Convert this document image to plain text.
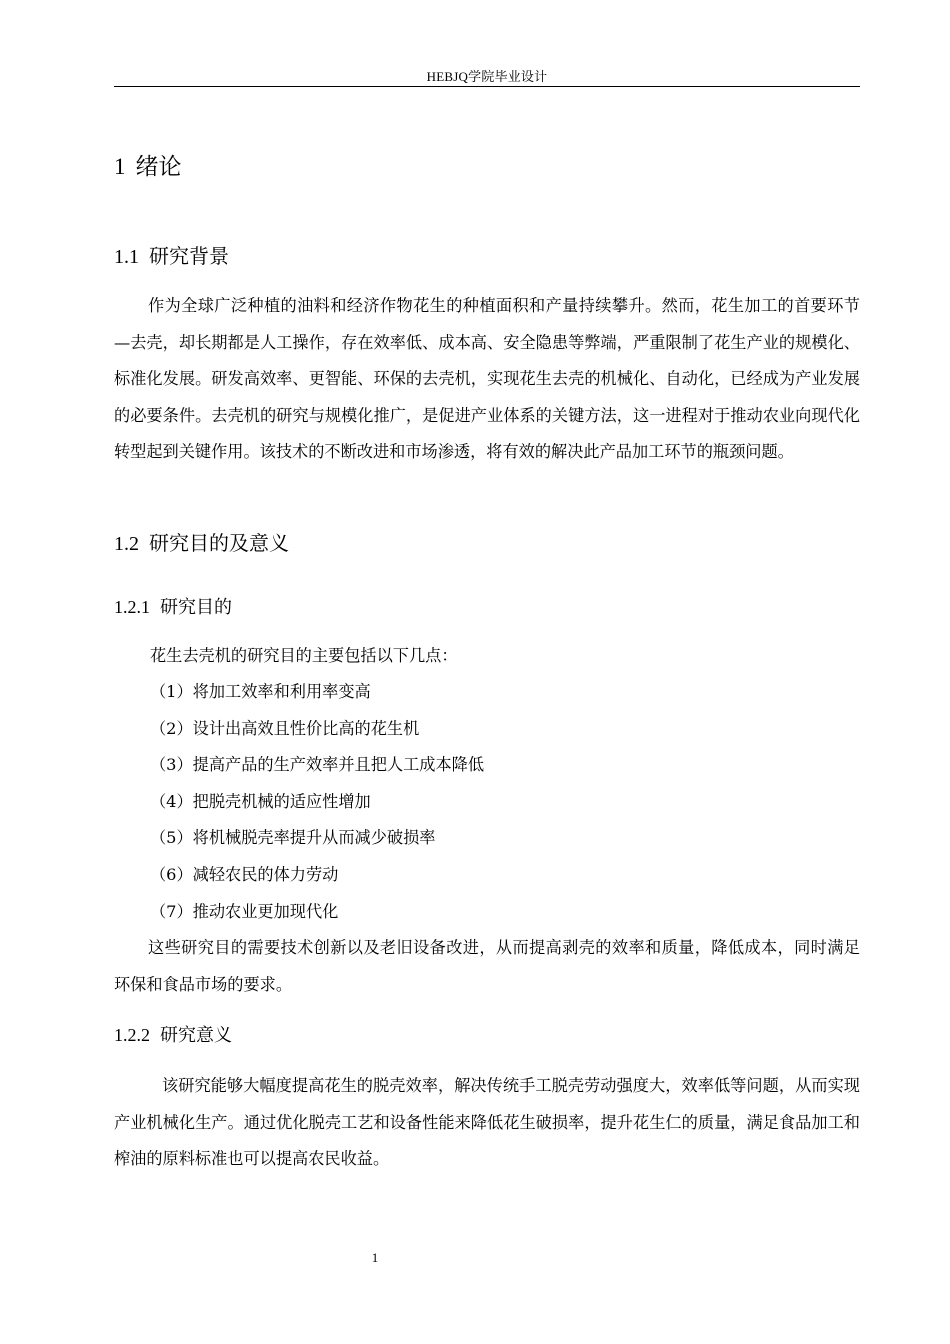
HEBJQ学院毕业设计
1 绪论
1.1 研究背景

作为全球广泛种植的油料和经济作物花生的种植面积和产量持续攀升。然而，花生加工的首要环节—去壳，却长期都是人工操作，存在效率低、成本高、安全隐患等弊端，严重限制了花生产业的规模化、标准化发展。研发高效率、更智能、环保的去壳机，实现花生去壳的机械化、自动化，已经成为产业发展的必要条件。去壳机的研究与规模化推广，是促进产业体系的关键方法，这一进程对于推动农业向现代化转型起到关键作用。该技术的不断改进和市场渗透，将有效的解决此产品加工环节的瓶颈问题。

1.2 研究目的及意义
1.2.1 研究目的

花生去壳机的研究目的主要包括以下几点：

（1）将加工效率和利用率变高
（2）设计出高效且性价比高的花生机
（3）提高产品的生产效率并且把人工成本降低
（4）把脱壳机械的适应性增加
（5）将机械脱壳率提升从而减少破损率
（6）减轻农民的体力劳动
（7）推动农业更加现代化

这些研究目的需要技术创新以及老旧设备改进，从而提高剥壳的效率和质量，降低成本，同时满足环保和食品市场的要求。

1.2.2 研究意义

该研究能够大幅度提高花生的脱壳效率，解决传统手工脱壳劳动强度大，效率低等问题，从而实现产业机械化生产。通过优化脱壳工艺和设备性能来降低花生破损率，提升花生仁的质量，满足食品加工和榨油的原料标准也可以提高农民收益。

1
